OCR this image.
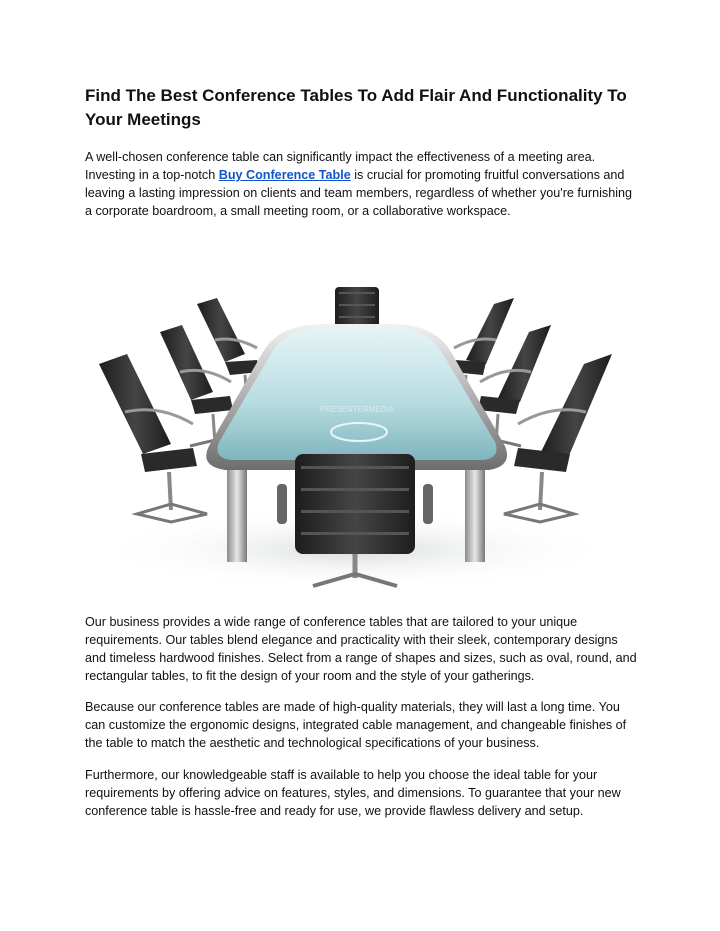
Find The Best Conference Tables To Add Flair And Functionality To Your Meetings

A well-chosen conference table can significantly impact the effectiveness of a meeting area. Investing in a top-notch Buy Conference Table is crucial for promoting fruitful conversations and leaving a lasting impression on clients and team members, regardless of whether you're furnishing a corporate boardroom, a small meeting room, or a collaborative workspace.

PRESENTERMEDIA

Our business provides a wide range of conference tables that are tailored to your unique requirements. Our tables blend elegance and practicality with their sleek, contemporary designs and timeless hardwood finishes. Select from a range of shapes and sizes, such as oval, round, and rectangular tables, to fit the design of your room and the style of your gatherings.

Because our conference tables are made of high-quality materials, they will last a long time. You can customize the ergonomic designs, integrated cable management, and changeable finishes of the table to match the aesthetic and technological specifications of your business.

Furthermore, our knowledgeable staff is available to help you choose the ideal table for your requirements by offering advice on features, styles, and dimensions. To guarantee that your new conference table is hassle-free and ready for use, we provide flawless delivery and setup.
